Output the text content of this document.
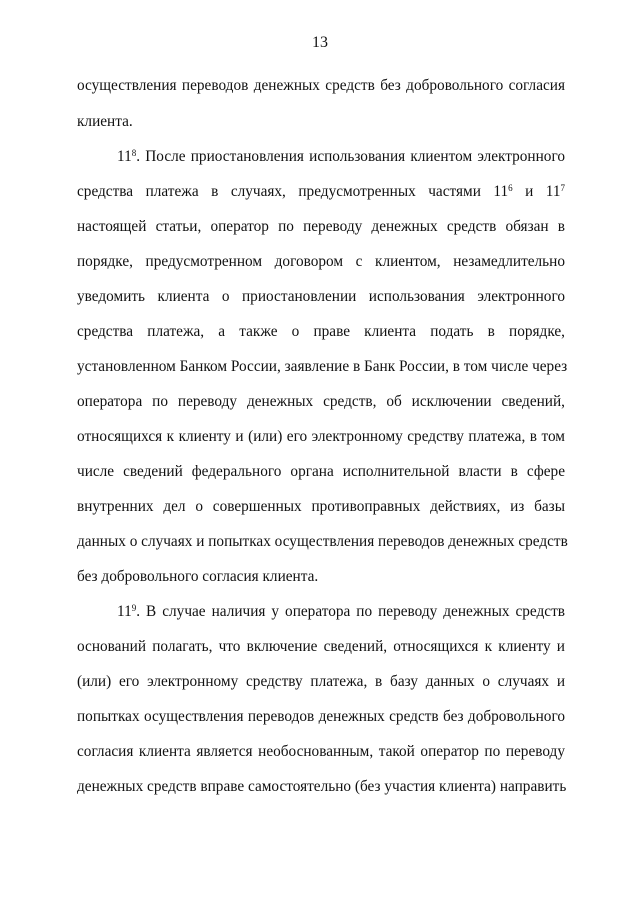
13
осуществления переводов денежных средств без добровольного согласия
клиента.
$11^8$. После приостановления использования клиентом электронного
средства платежа в случаях, предусмотренных частями $11^6$ и $11^7$
настоящей статьи, оператор по переводу денежных средств обязан в
порядке, предусмотренном договором с клиентом, незамедлительно
уведомить клиента о приостановлении использования электронного
средства платежа, а также о праве клиента подать в порядке,
установленном Банком России, заявление в Банк России, в том числе через
оператора по переводу денежных средств, об исключении сведений,
относящихся к клиенту и (или) его электронному средству платежа, в том
числе сведений федерального органа исполнительной власти в сфере
внутренних дел о совершенных противоправных действиях, из базы
данных о случаях и попытках осуществления переводов денежных средств
без добровольного согласия клиента.
$11^9$. В случае наличия у оператора по переводу денежных средств
оснований полагать, что включение сведений, относящихся к клиенту и
(или) его электронному средству платежа, в базу данных о случаях и
попытках осуществления переводов денежных средств без добровольного
согласия клиента является необоснованным, такой оператор по переводу
денежных средств вправе самостоятельно (без участия клиента) направить
